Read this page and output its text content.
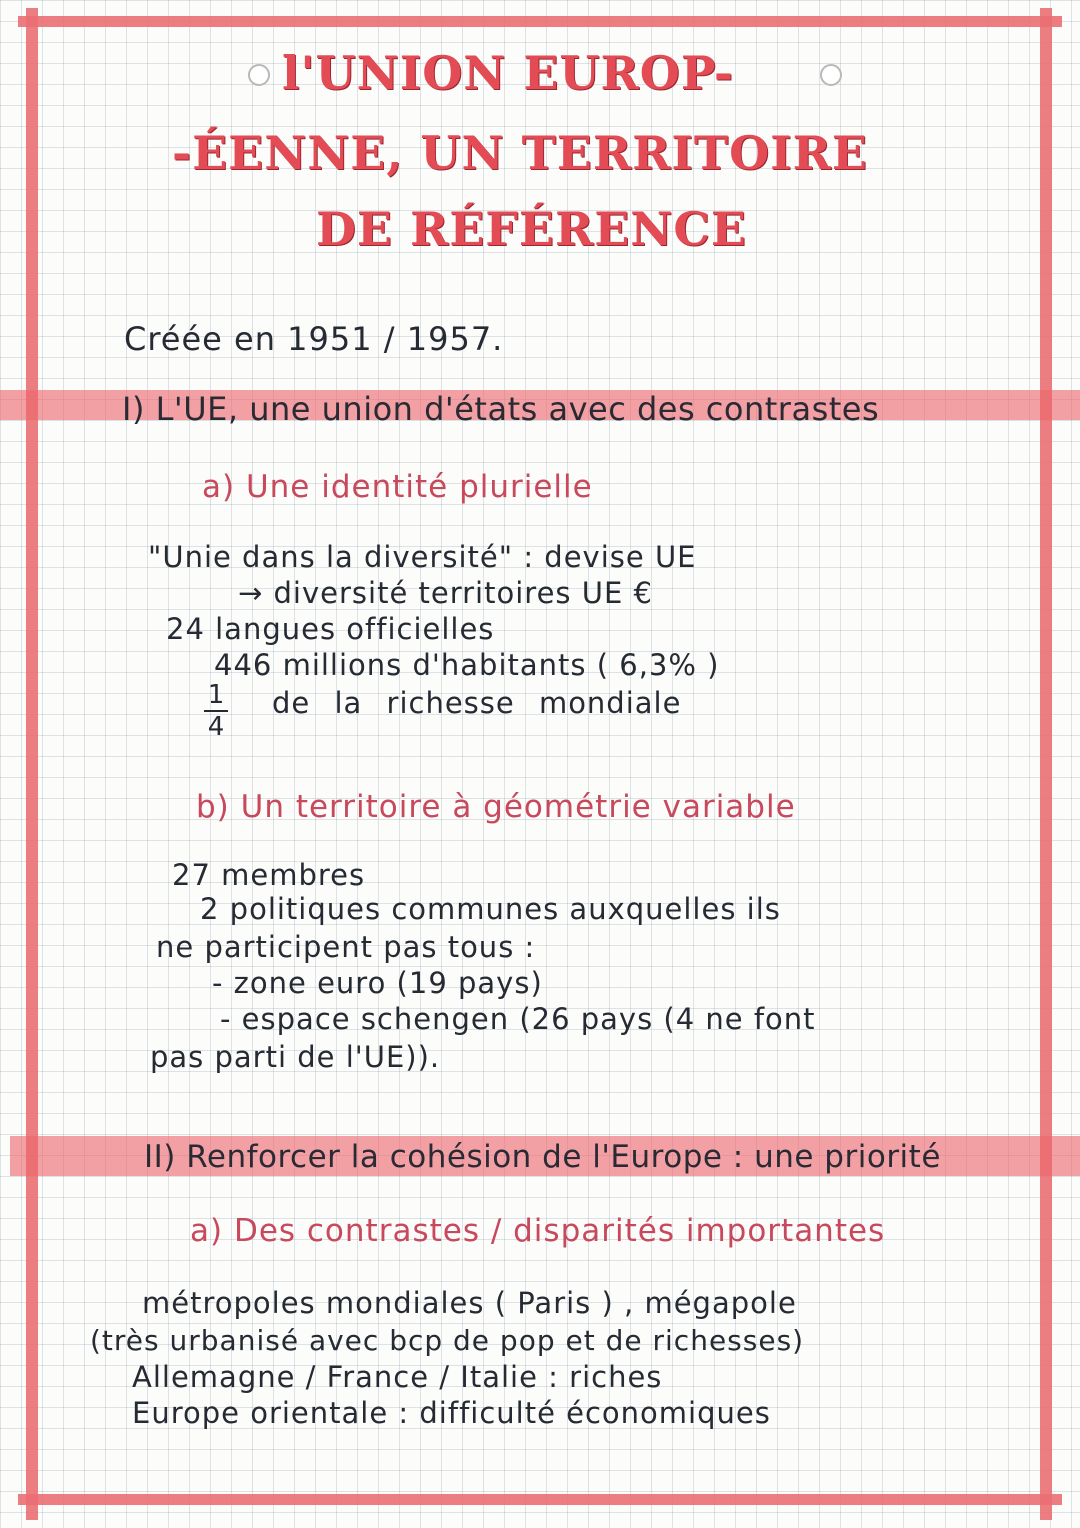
l'UNION EUROP-
-ÉENNE, UN TERRITOIRE
DE RÉFÉRENCE
Créée en 1951 / 1957.
I) L'UE, une union d'états avec des contrastes
a) Une identité plurielle
"Unie dans la diversité" : devise UE
→ diversité territoires UE €
24 langues officielles
446 millions d'habitants ( 6,3% )
1
4
de la richesse mondiale
b) Un territoire à géométrie variable
27 membres
2 politiques communes auxquelles ils
ne participent pas tous :
- zone euro (19 pays)
- espace schengen (26 pays (4 ne font
pas parti de l'UE)).
II) Renforcer la cohésion de l'Europe : une priorité
a) Des contrastes / disparités importantes
métropoles mondiales ( Paris ) , mégapole
(très urbanisé avec bcp de pop et de richesses)
Allemagne / France / Italie : riches
Europe orientale : difficulté économiques
